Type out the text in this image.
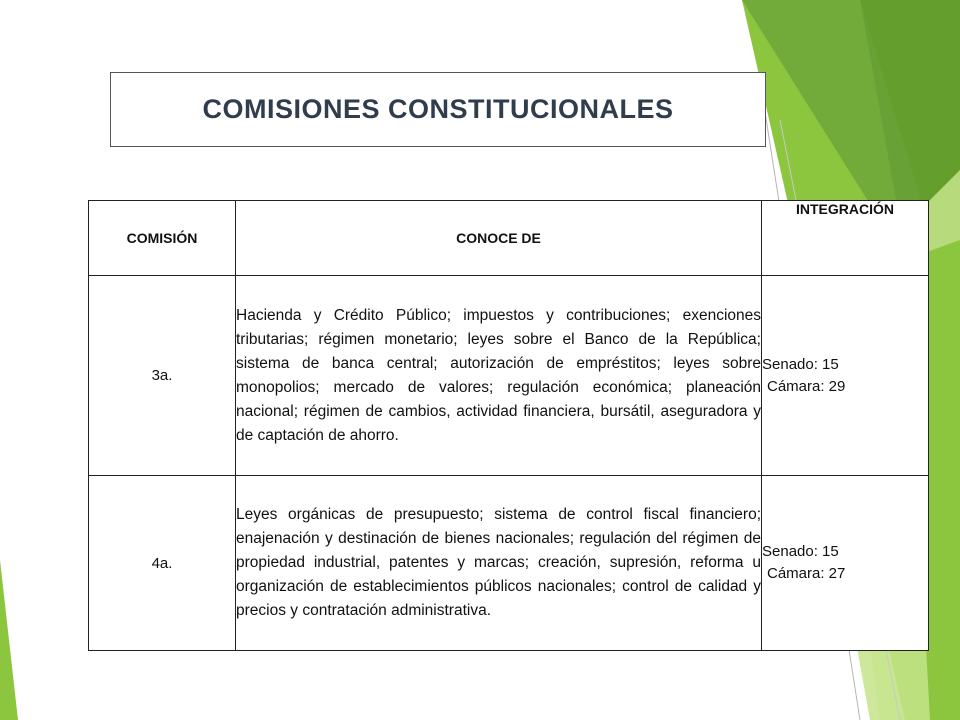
COMISIONES CONSTITUCIONALES
COMISIÓN	CONOCE DE	INTEGRACIÓN
3a.	Hacienda y Crédito Público; impuestos y contribuciones; exenciones tributarias; régimen monetario; leyes sobre el Banco de la República; sistema de banca central; autorización de empréstitos; leyes sobre monopolios; mercado de valores; regulación económica; planeación nacional; régimen de cambios, actividad financiera, bursátil, aseguradora y de captación de ahorro.	Senado: 15
Cámara: 29

4a.	Leyes orgánicas de presupuesto; sistema de control fiscal financiero; enajenación y destinación de bienes nacionales; regulación del régimen de propiedad industrial, patentes y marcas; creación, supresión, reforma u organización de establecimientos públicos nacionales; control de calidad y precios y contratación administrativa.	Senado: 15
Cámara: 27
